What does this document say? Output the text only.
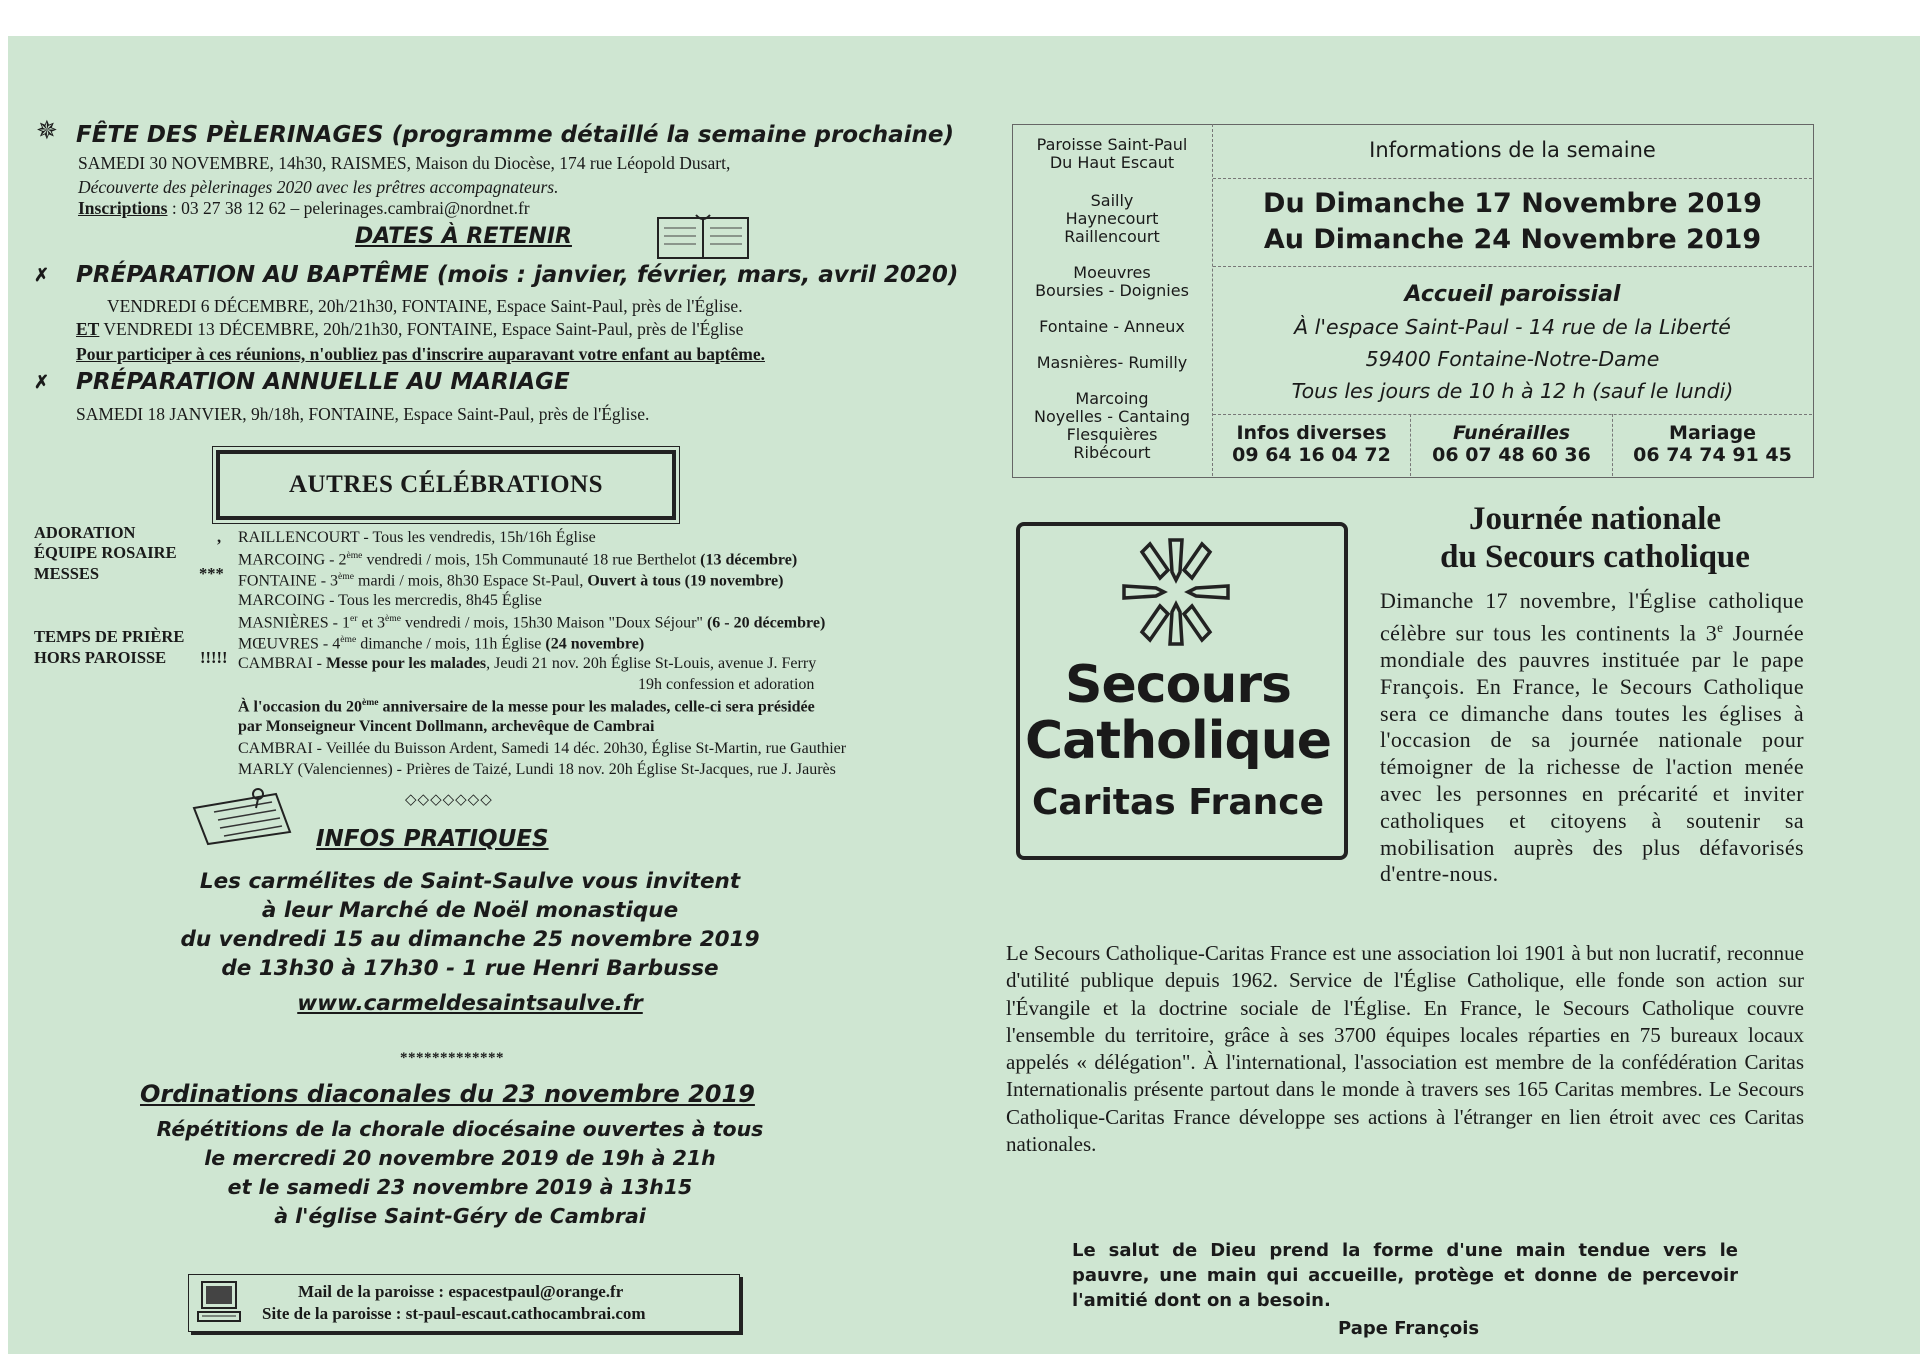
✵ FÊTE DES PÈLERINAGES (programme détaillé la semaine prochaine)
SAMEDI 30 NOVEMBRE, 14h30, RAISMES, Maison du Diocèse, 174 rue Léopold Dusart,
Découverte des pèlerinages 2020 avec les prêtres accompagnateurs.
Inscriptions : 03 27 38 12 62 – pelerinages.cambrai@nordnet.fr
DATES À RETENIR
✗ PRÉPARATION AU BAPTÊME (mois : janvier, février, mars, avril 2020)
VENDREDI 6 DÉCEMBRE, 20h/21h30, FONTAINE, Espace Saint-Paul, près de l'Église.
ET VENDREDI 13 DÉCEMBRE, 20h/21h30, FONTAINE, Espace Saint-Paul, près de l'Église
Pour participer à ces réunions, n'oubliez pas d'inscrire auparavant votre enfant au baptême.
✗ PRÉPARATION ANNUELLE AU MARIAGE
SAMEDI 18 JANVIER, 9h/18h, FONTAINE, Espace Saint-Paul, près de l'Église.
AUTRES CÉLÉBRATIONS
ADORATION
ÉQUIPE ROSAIRE
MESSES
TEMPS DE PRIÈRE
HORS PAROISSE
,
***
!!!!!
RAILLENCOURT - Tous les vendredis, 15h/16h Église
MARCOING - 2ème vendredi / mois, 15h Communauté 18 rue Berthelot (13 décembre)
FONTAINE - 3ème mardi / mois, 8h30 Espace St-Paul, Ouvert à tous (19 novembre)
MARCOING - Tous les mercredis, 8h45 Église
MASNIÈRES - 1er et 3ème vendredi / mois, 15h30 Maison "Doux Séjour" (6 - 20 décembre)
MŒUVRES - 4ème dimanche / mois, 11h Église (24 novembre)
CAMBRAI - Messe pour les malades, Jeudi 21 nov. 20h Église St-Louis, avenue J. Ferry
19h confession et adoration
À l'occasion du 20ème anniversaire de la messe pour les malades, celle-ci sera présidée
par Monseigneur Vincent Dollmann, archevêque de Cambrai
CAMBRAI - Veillée du Buisson Ardent, Samedi 14 déc. 20h30, Église St-Martin, rue Gauthier
MARLY (Valenciennes) - Prières de Taizé, Lundi 18 nov. 20h Église St-Jacques, rue J. Jaurès
◇◇◇◇◇◇◇
INFOS PRATIQUES
Les carmélites de Saint-Saulve vous invitent
à leur Marché de Noël monastique
du vendredi 15 au dimanche 25 novembre 2019
de 13h30 à 17h30 - 1 rue Henri Barbusse
www.carmeldesaintsaulve.fr
*************
Ordinations diaconales du 23 novembre 2019
Répétitions de la chorale diocésaine ouvertes à tous
le mercredi 20 novembre 2019 de 19h à 21h
et le samedi 23 novembre 2019 à 13h15
à l'église Saint-Géry de Cambrai
Mail de la paroisse : espacestpaul@orange.fr
Site de la paroisse : st-paul-escaut.cathocambrai.com
Paroisse Saint-Paul
Du Haut Escaut
Sailly
Haynecourt
Raillencourt
Moeuvres
Boursies - Doignies
Fontaine - Anneux
Masnières- Rumilly
Marcoing
Noyelles - Cantaing
Flesquières
Ribécourt
Informations de la semaine
Du Dimanche 17 Novembre 2019
Au Dimanche 24 Novembre 2019
Accueil paroissial
À l'espace Saint-Paul - 14 rue de la Liberté
59400 Fontaine-Notre-Dame
Tous les jours de 10 h à 12 h (sauf le lundi)
Infos diverses
09 64 16 04 72
Funérailles
06 07 48 60 36
Mariage
06 74 74 91 45
Secours
Catholique
Caritas France
Journée nationale
du Secours catholique
Dimanche 17 novembre, l'Église catholique célèbre sur tous les continents la 3e Journée mondiale des pauvres instituée par le pape François. En France, le Secours Catholique sera ce dimanche dans toutes les églises à l'occasion de sa journée nationale pour témoigner de la richesse de l'action menée avec les personnes en précarité et inviter catholiques et citoyens à soutenir sa mobilisation auprès des plus défavorisés d'entre-nous.
Le Secours Catholique-Caritas France est une association loi 1901 à but non lucratif, reconnue d'utilité publique depuis 1962. Service de l'Église Catholique, elle fonde son action sur l'Évangile et la doctrine sociale de l'Église. En France, le Secours Catholique couvre l'ensemble du territoire, grâce à ses 3700 équipes locales réparties en 75 bureaux locaux appelés « délégation". À l'international, l'association est membre de la confédération Caritas Internationalis présente partout dans le monde à travers ses 165 Caritas membres. Le Secours Catholique-Caritas France développe ses actions à l'étranger en lien étroit avec ces Caritas nationales.
Le salut de Dieu prend la forme d'une main tendue vers le pauvre, une main qui accueille, protège et donne de percevoir l'amitié dont on a besoin.
Pape François
